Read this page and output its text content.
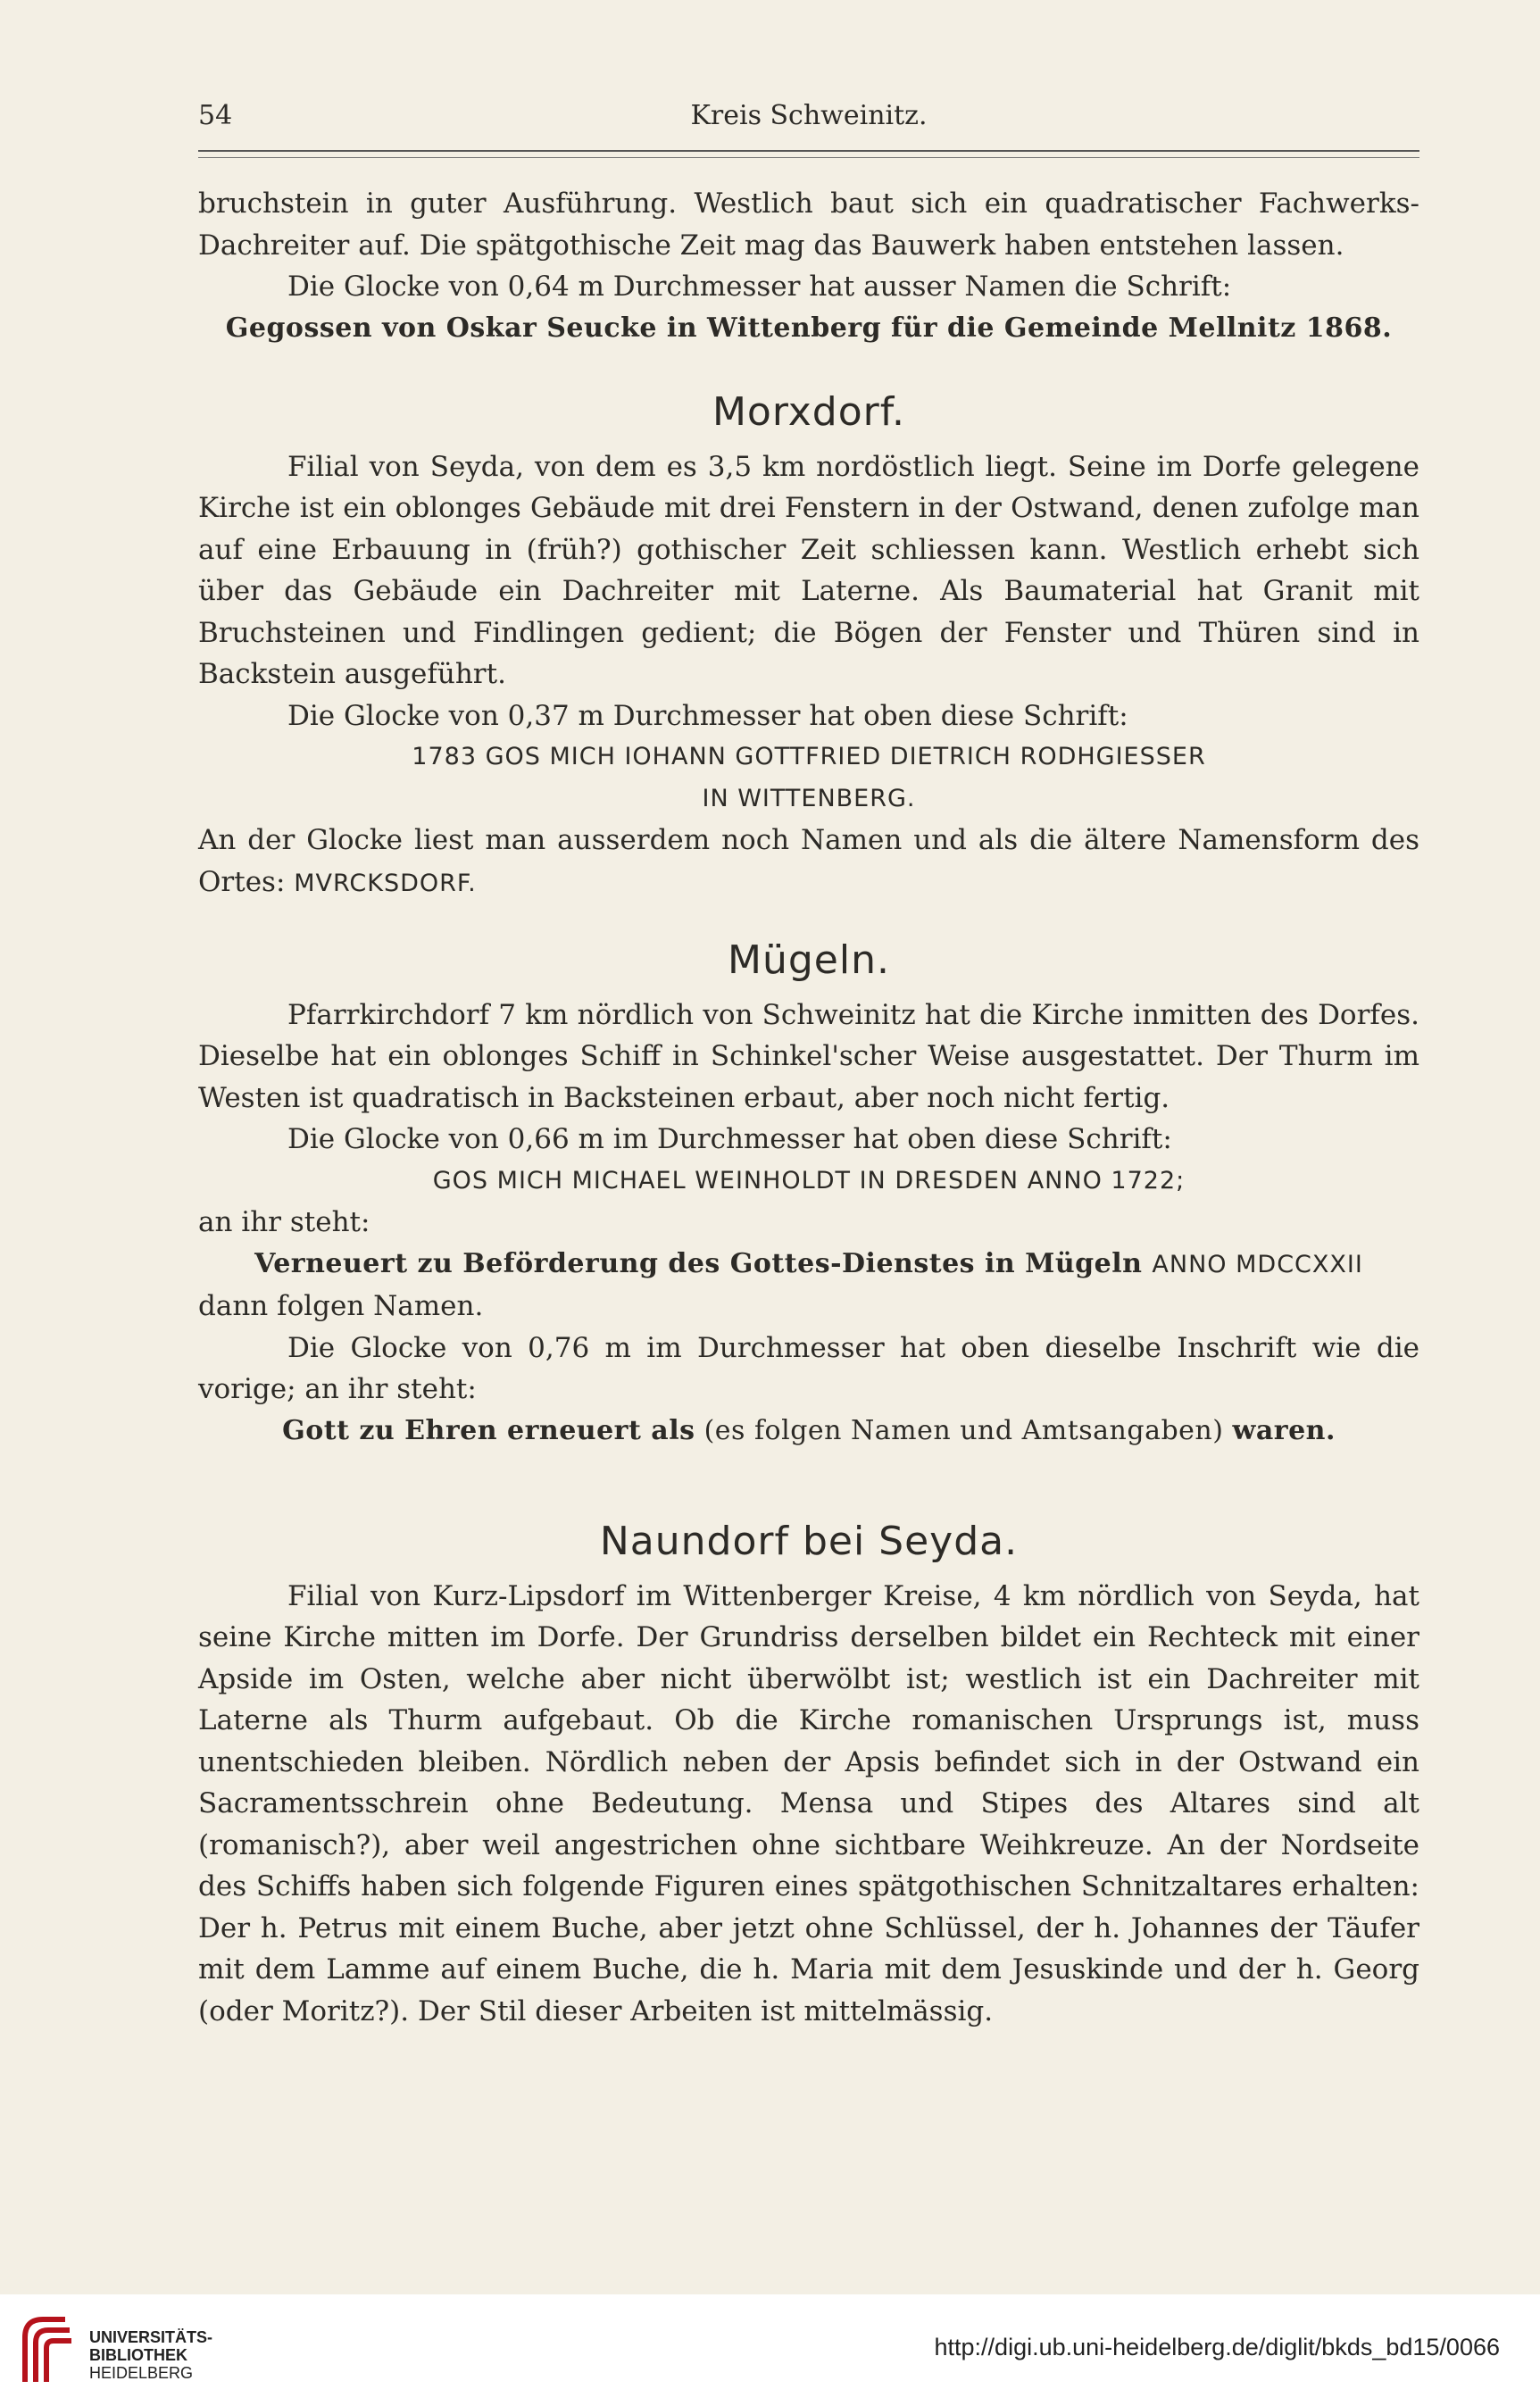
54	Kreis Schweinitz.

bruchstein in guter Ausführung. Westlich baut sich ein quadratischer Fachwerks-Dachreiter auf. Die spätgothische Zeit mag das Bauwerk haben entstehen lassen.

Die Glocke von 0,64 m Durchmesser hat ausser Namen die Schrift:

Gegossen von Oskar Seucke in Wittenberg für die Gemeinde Mellnitz 1868.
Morxdorf.

Filial von Seyda, von dem es 3,5 km nordöstlich liegt. Seine im Dorfe gelegene Kirche ist ein oblonges Gebäude mit drei Fenstern in der Ostwand, denen zufolge man auf eine Erbauung in (früh?) gothischer Zeit schliessen kann. Westlich erhebt sich über das Gebäude ein Dachreiter mit Laterne. Als Baumaterial hat Granit mit Bruchsteinen und Findlingen gedient; die Bögen der Fenster und Thüren sind in Backstein ausgeführt.

Die Glocke von 0,37 m Durchmesser hat oben diese Schrift:

1783 GOS MICH IOHANN GOTTFRIED DIETRICH RODHGIESSER
IN WITTENBERG.

An der Glocke liest man ausserdem noch Namen und als die ältere Namensform des Ortes: MVRCKSDORF.

Mügeln.

Pfarrkirchdorf 7 km nördlich von Schweinitz hat die Kirche inmitten des Dorfes. Dieselbe hat ein oblonges Schiff in Schinkel'scher Weise ausgestattet. Der Thurm im Westen ist quadratisch in Backsteinen erbaut, aber noch nicht fertig.

Die Glocke von 0,66 m im Durchmesser hat oben diese Schrift:

GOS MICH MICHAEL WEINHOLDT IN DRESDEN ANNO 1722;

an ihr steht:

Verneuert zu Beförderung des Gottes-Dienstes in Mügeln ANNO MDCCXXII

dann folgen Namen.

Die Glocke von 0,76 m im Durchmesser hat oben dieselbe Inschrift wie die vorige; an ihr steht:

Gott zu Ehren erneuert als (es folgen Namen und Amtsangaben) waren.
Naundorf bei Seyda.

Filial von Kurz-Lipsdorf im Wittenberger Kreise, 4 km nördlich von Seyda, hat seine Kirche mitten im Dorfe. Der Grundriss derselben bildet ein Rechteck mit einer Apside im Osten, welche aber nicht überwölbt ist; westlich ist ein Dachreiter mit Laterne als Thurm aufgebaut. Ob die Kirche romanischen Ursprungs ist, muss unentschieden bleiben. Nördlich neben der Apsis befindet sich in der Ostwand ein Sacramentsschrein ohne Bedeutung. Mensa und Stipes des Altares sind alt (romanisch?), aber weil angestrichen ohne sichtbare Weihkreuze. An der Nordseite des Schiffs haben sich folgende Figuren eines spätgothischen Schnitzaltares erhalten: Der h. Petrus mit einem Buche, aber jetzt ohne Schlüssel, der h. Johannes der Täufer mit dem Lamme auf einem Buche, die h. Maria mit dem Jesuskinde und der h. Georg (oder Moritz?). Der Stil dieser Arbeiten ist mittelmässig.

UNIVERSITÄTS-
BIBLIOTHEK
HEIDELBERG
http://digi.ub.uni-heidelberg.de/diglit/bkds_bd15/0066
